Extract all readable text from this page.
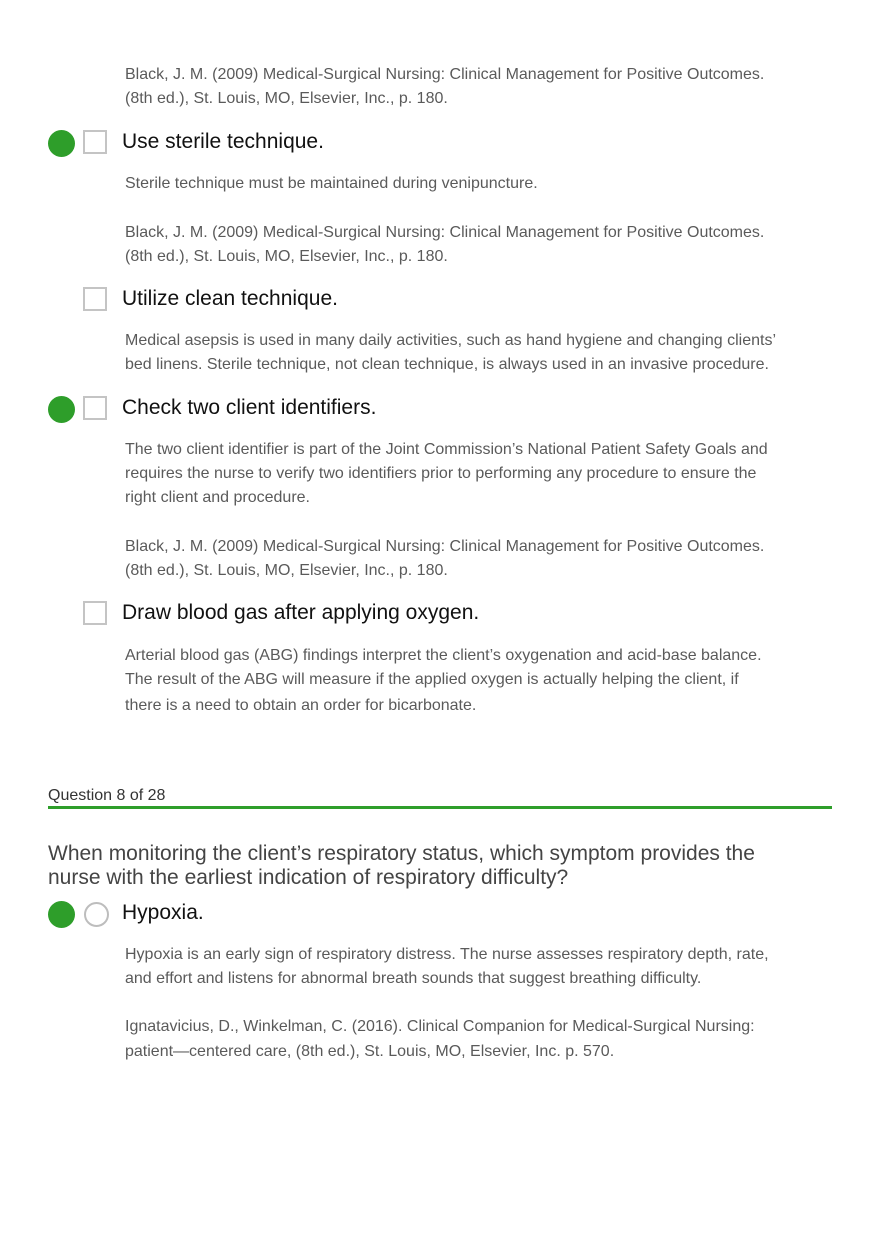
Black, J. M. (2009) Medical-Surgical Nursing: Clinical Management for Positive Outcomes.
(8th ed.), St. Louis, MO, Elsevier, Inc., p. 180.
Use sterile technique.
Sterile technique must be maintained during venipuncture.
Black, J. M. (2009) Medical-Surgical Nursing: Clinical Management for Positive Outcomes.
(8th ed.), St. Louis, MO, Elsevier, Inc., p. 180.
Utilize clean technique.
Medical asepsis is used in many daily activities, such as hand hygiene and changing clients’
bed linens. Sterile technique, not clean technique, is always used in an invasive procedure.
Check two client identifiers.
The two client identifier is part of the Joint Commission’s National Patient Safety Goals and
requires the nurse to verify two identifiers prior to performing any procedure to ensure the
right client and procedure.
Black, J. M. (2009) Medical-Surgical Nursing: Clinical Management for Positive Outcomes.
(8th ed.), St. Louis, MO, Elsevier, Inc., p. 180.
Draw blood gas after applying oxygen.
Arterial blood gas (ABG) findings interpret the client’s oxygenation and acid-base balance.
The result of the ABG will measure if the applied oxygen is actually helping the client, if
there is a need to obtain an order for bicarbonate.
Question 8 of 28
When monitoring the client’s respiratory status, which symptom provides the
nurse with the earliest indication of respiratory difficulty?
Hypoxia.
Hypoxia is an early sign of respiratory distress. The nurse assesses respiratory depth, rate,
and effort and listens for abnormal breath sounds that suggest breathing difficulty.
Ignatavicius, D., Winkelman, C. (2016). Clinical Companion for Medical-Surgical Nursing:
patient—centered care, (8th ed.), St. Louis, MO, Elsevier, Inc. p. 570.
